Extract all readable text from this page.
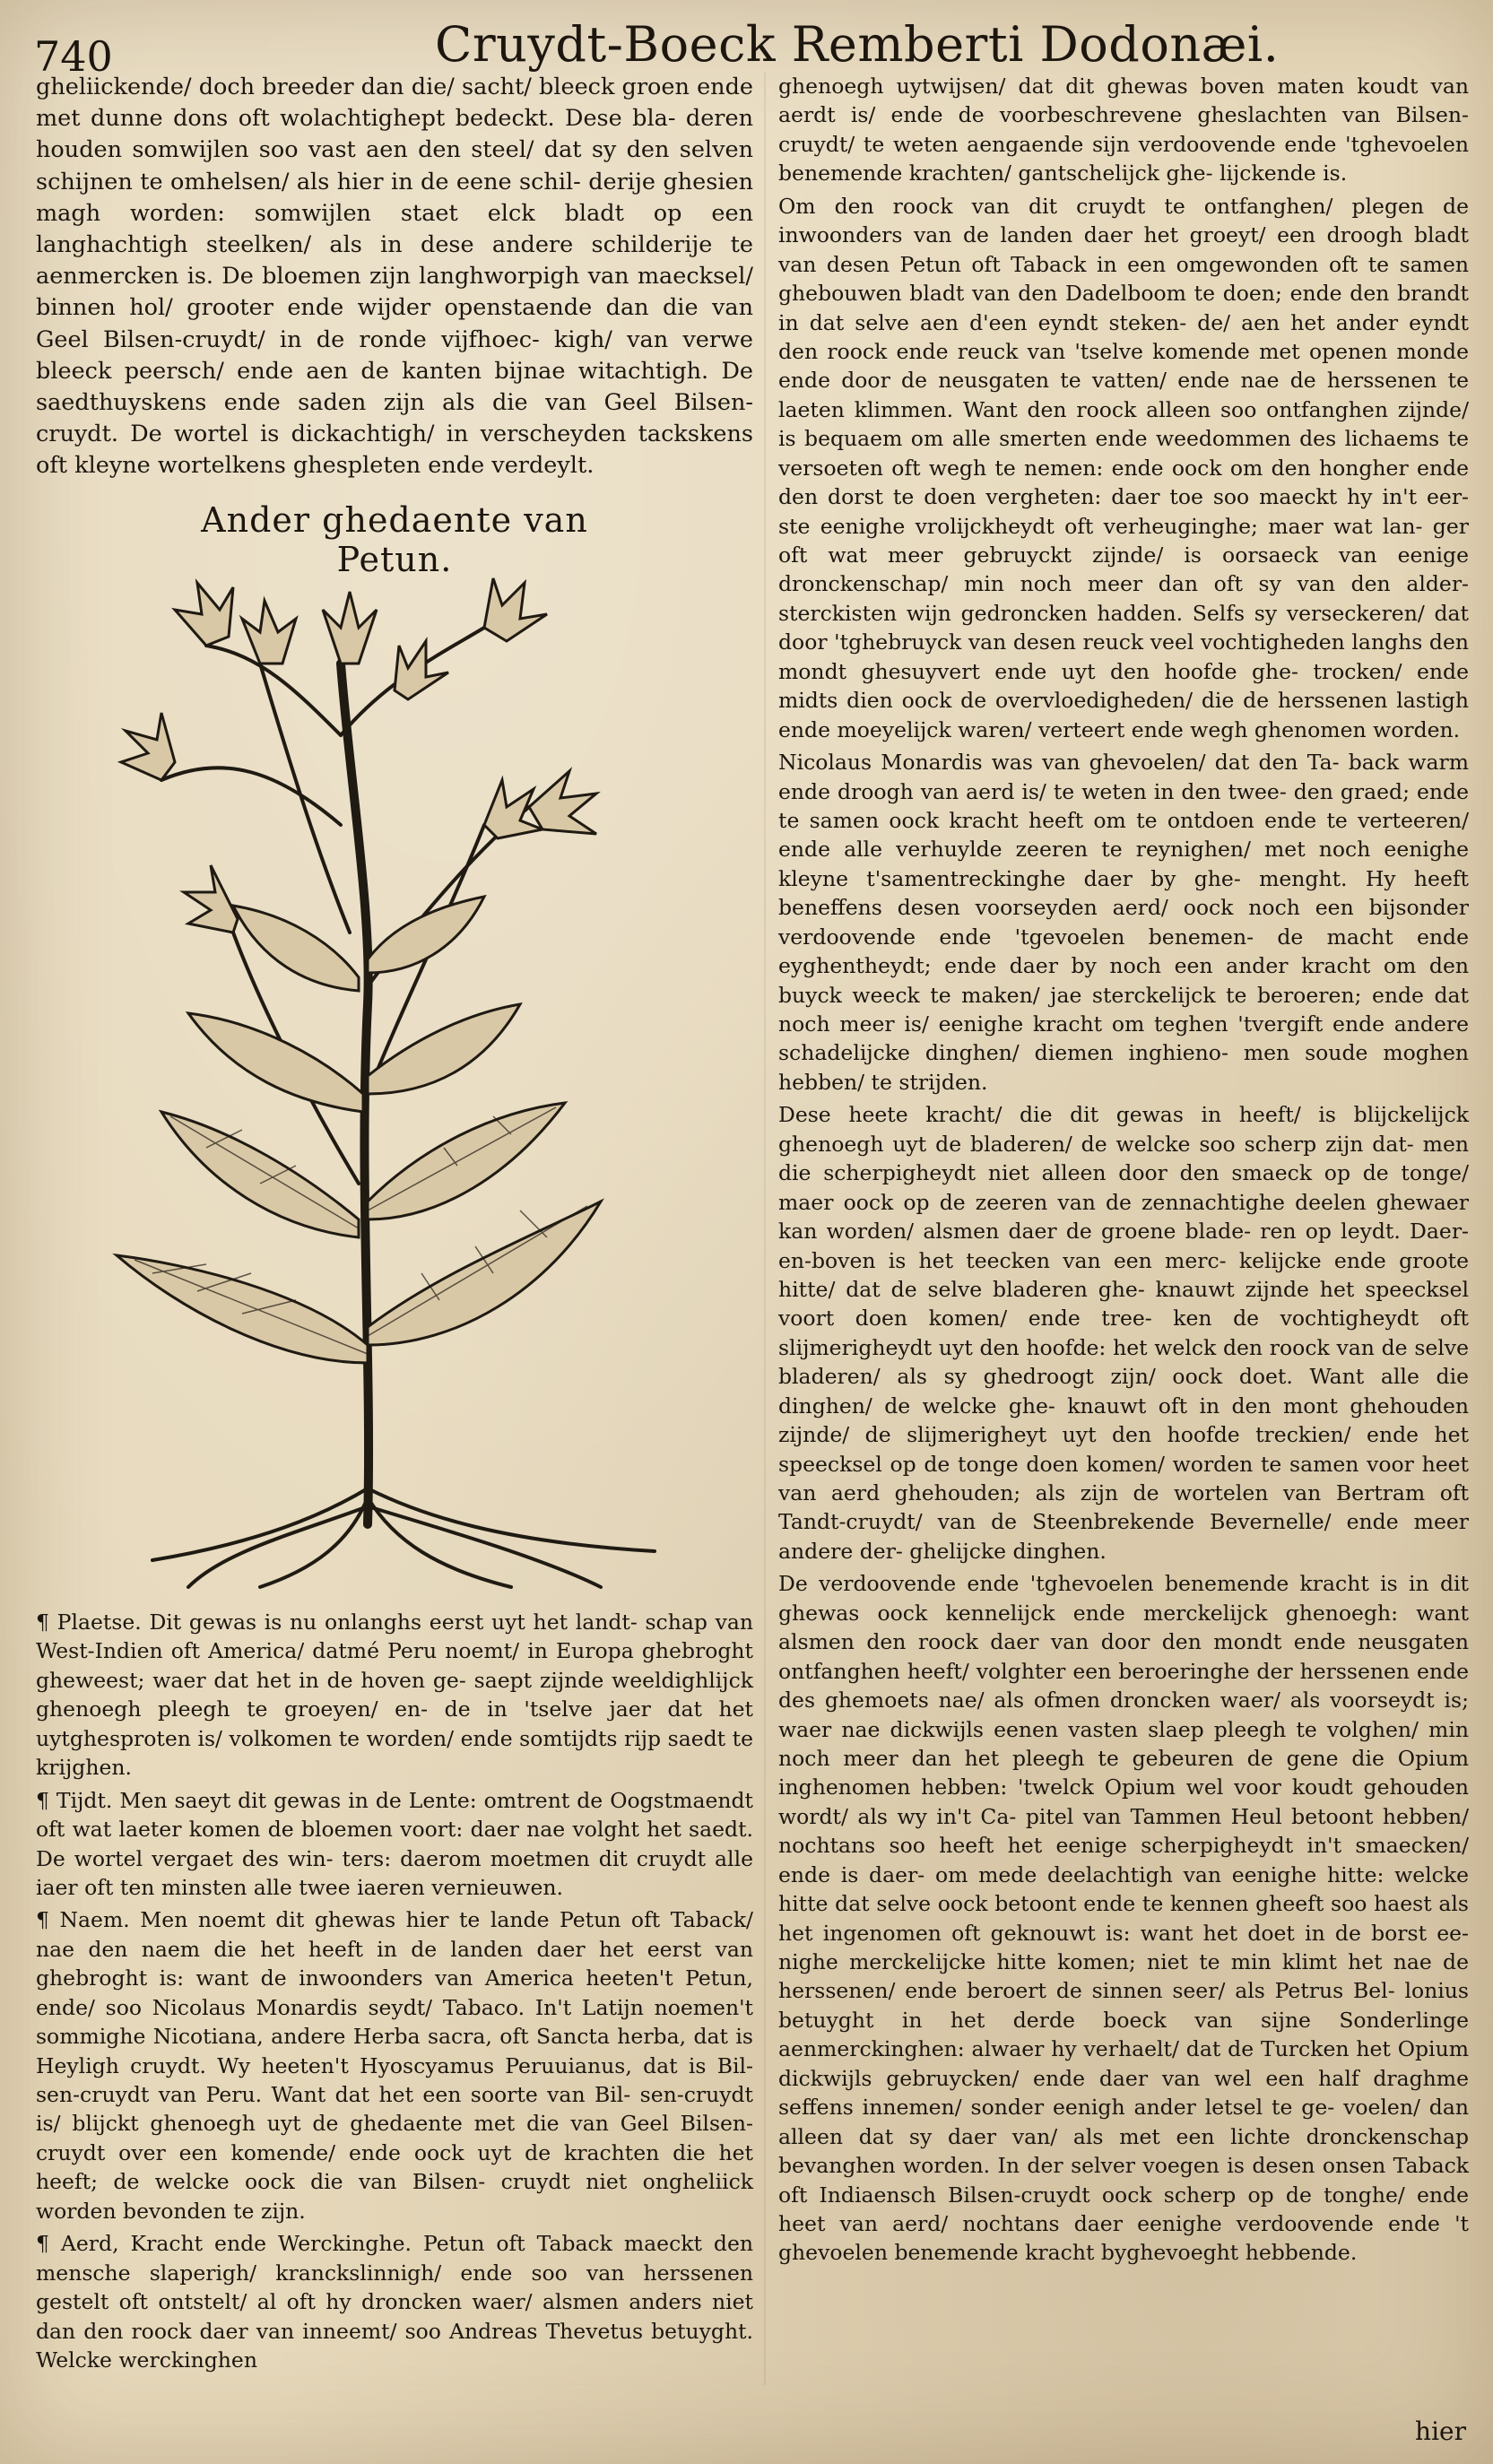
740	Cruydt-Boeck Remberti Dodonæi.

gheliickende/ doch breeder dan die/ sacht/ bleeck groen ende met dunne dons oft wolachtighept bedeckt. Dese bla- deren houden somwijlen soo vast aen den steel/ dat sy den selven schijnen te omhelsen/ als hier in de eene schil- derije ghesien magh worden: somwijlen staet elck bladt op een langhachtigh steelken/ als in dese andere schilderije te aenmercken is. De bloemen zijn langhworpigh van maecksel/ binnen hol/ grooter ende wijder openstaende dan die van Geel Bilsen-cruydt/ in de ronde vijfhoec- kigh/ van verwe bleeck peersch/ ende aen de kanten bijnae witachtigh. De saedthuyskens ende saden zijn als die van Geel Bilsen-cruydt. De wortel is dickachtigh/ in verscheyden tackskens oft kleyne wortelkens ghespleten ende verdeylt.

Ander ghedaente van Petun.

¶ Plaetse. Dit gewas is nu onlanghs eerst uyt het landt- schap van West-Indien oft America/ datmé Peru noemt/ in Europa ghebroght gheweest; waer dat het in de hoven ge- saept zijnde weeldighlijck ghenoegh pleegh te groeyen/ en- de in 'tselve jaer dat het uytghesproten is/ volkomen te worden/ ende somtijdts rijp saedt te krijghen.

¶ Tijdt. Men saeyt dit gewas in de Lente: omtrent de Oogstmaendt oft wat laeter komen de bloemen voort: daer nae volght het saedt. De wortel vergaet des win- ters: daerom moetmen dit cruydt alle iaer oft ten minsten alle twee iaeren vernieuwen.

¶ Naem. Men noemt dit ghewas hier te lande Petun oft Taback/ nae den naem die het heeft in de landen daer het eerst van ghebroght is: want de inwoonders van America heeten't Petun, ende/ soo Nicolaus Monardis seydt/ Tabaco. In't Latijn noemen't sommighe Nicotiana, andere Herba sacra, oft Sancta herba, dat is Heyligh cruydt. Wy heeten't Hyoscyamus Peruuianus, dat is Bil- sen-cruydt van Peru. Want dat het een soorte van Bil- sen-cruydt is/ blijckt ghenoegh uyt de ghedaente met die van Geel Bilsen-cruydt over een komende/ ende oock uyt de krachten die het heeft; de welcke oock die van Bilsen- cruydt niet ongheliick worden bevonden te zijn.

¶ Aerd, Kracht ende Werckinghe. Petun oft Taback maeckt den mensche slaperigh/ kranckslinnigh/ ende soo van herssenen gestelt oft ontstelt/ al oft hy droncken waer/ alsmen anders niet dan den roock daer van inneemt/ soo Andreas Thevetus betuyght. Welcke werckinghen

ghenoegh uytwijsen/ dat dit ghewas boven maten koudt van aerdt is/ ende de voorbeschrevene gheslachten van Bilsen-cruydt/ te weten aengaende sijn verdoovende ende 'tghevoelen benemende krachten/ gantschelijck ghe- lijckende is.

Om den roock van dit cruydt te ontfanghen/ plegen de inwoonders van de landen daer het groeyt/ een droogh bladt van desen Petun oft Taback in een omgewonden oft te samen ghebouwen bladt van den Dadelboom te doen; ende den brandt in dat selve aen d'een eyndt steken- de/ aen het ander eyndt den roock ende reuck van 'tselve komende met openen monde ende door de neusgaten te vatten/ ende nae de herssenen te laeten klimmen. Want den roock alleen soo ontfanghen zijnde/ is bequaem om alle smerten ende weedommen des lichaems te versoeten oft wegh te nemen: ende oock om den hongher ende den dorst te doen vergheten: daer toe soo maeckt hy in't eer- ste eenighe vrolijckheydt oft verheuginghe; maer wat lan- ger oft wat meer gebruyckt zijnde/ is oorsaeck van eenige dronckenschap/ min noch meer dan oft sy van den alder- sterckisten wijn gedroncken hadden. Selfs sy verseckeren/ dat door 'tghebruyck van desen reuck veel vochtigheden langhs den mondt ghesuyvert ende uyt den hoofde ghe- trocken/ ende midts dien oock de overvloedigheden/ die de herssenen lastigh ende moeyelijck waren/ verteert ende wegh ghenomen worden.

Nicolaus Monardis was van ghevoelen/ dat den Ta- back warm ende droogh van aerd is/ te weten in den twee- den graed; ende te samen oock kracht heeft om te ontdoen ende te verteeren/ ende alle verhuylde zeeren te reynighen/ met noch eenighe kleyne t'samentreckinghe daer by ghe- menght. Hy heeft beneffens desen voorseyden aerd/ oock noch een bijsonder verdoovende ende 'tgevoelen benemen- de macht ende eyghentheydt; ende daer by noch een ander kracht om den buyck weeck te maken/ jae sterckelijck te beroeren; ende dat noch meer is/ eenighe kracht om teghen 'tvergift ende andere schadelijcke dinghen/ diemen inghieno- men soude moghen hebben/ te strijden.

Dese heete kracht/ die dit gewas in heeft/ is blijckelijck ghenoegh uyt de bladeren/ de welcke soo scherp zijn dat- men die scherpigheydt niet alleen door den smaeck op de tonge/ maer oock op de zeeren van de zennachtighe deelen ghewaer kan worden/ alsmen daer de groene blade- ren op leydt. Daer-en-boven is het teecken van een merc- kelijcke ende groote hitte/ dat de selve bladeren ghe- knauwt zijnde het speecksel voort doen komen/ ende tree- ken de vochtigheydt oft slijmerigheydt uyt den hoofde: het welck den roock van de selve bladeren/ als sy ghedroogt zijn/ oock doet. Want alle die dinghen/ de welcke ghe- knauwt oft in den mont ghehouden zijnde/ de slijmerigheyt uyt den hoofde treckien/ ende het speecksel op de tonge doen komen/ worden te samen voor heet van aerd ghehouden; als zijn de wortelen van Bertram oft Tandt-cruydt/ van de Steenbrekende Bevernelle/ ende meer andere der- ghelijcke dinghen.

De verdoovende ende 'tghevoelen benemende kracht is in dit ghewas oock kennelijck ende merckelijck ghenoegh: want alsmen den roock daer van door den mondt ende neusgaten ontfanghen heeft/ volghter een beroeringhe der herssenen ende des ghemoets nae/ als ofmen droncken waer/ als voorseydt is; waer nae dickwijls eenen vasten slaep pleegh te volghen/ min noch meer dan het pleegh te gebeuren de gene die Opium inghenomen hebben: 'twelck Opium wel voor koudt gehouden wordt/ als wy in't Ca- pitel van Tammen Heul betoont hebben/ nochtans soo heeft het eenige scherpigheydt in't smaecken/ ende is daer- om mede deelachtigh van eenighe hitte: welcke hitte dat selve oock betoont ende te kennen gheeft soo haest als het ingenomen oft geknouwt is: want het doet in de borst ee- nighe merckelijcke hitte komen; niet te min klimt het nae de herssenen/ ende beroert de sinnen seer/ als Petrus Bel- lonius betuyght in het derde boeck van sijne Sonderlinge aenmerckinghen: alwaer hy verhaelt/ dat de Turcken het Opium dickwijls gebruycken/ ende daer van wel een half draghme seffens innemen/ sonder eenigh ander letsel te ge- voelen/ dan alleen dat sy daer van/ als met een lichte dronckenschap bevanghen worden. In der selver voegen is desen onsen Taback oft Indiaensch Bilsen-cruydt oock scherp op de tonghe/ ende heet van aerd/ nochtans daer eenighe verdoovende ende 't ghevoelen benemende kracht byghevoeght hebbende.

hier
